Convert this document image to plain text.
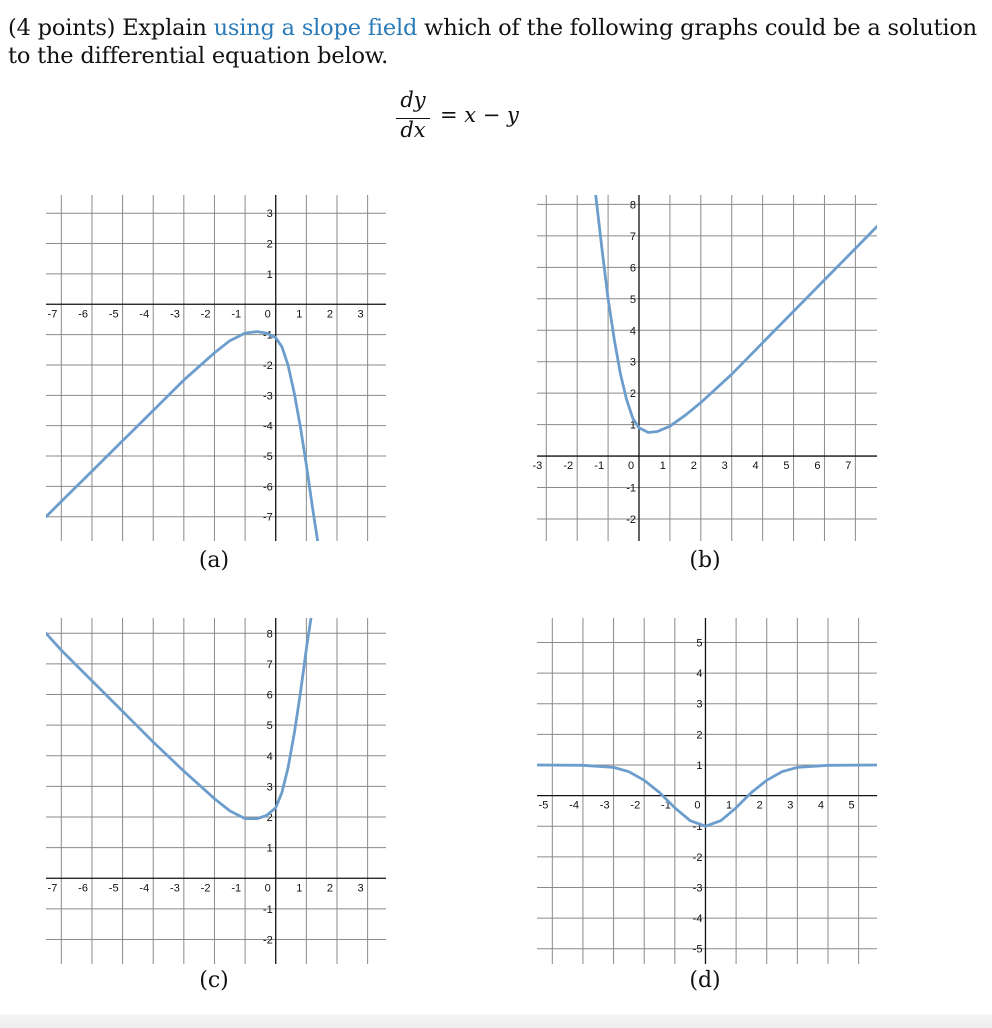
(4 points) Explain using a slope field which of the following graphs could be a solution to the differential equation below.
dy
dx
= x − y
-7 -6 -5 -4 -3 -2 -1 0 1 2 3
3
2
1
-1
-2
-3
-4
-5
-6
-7
(a)
-3 -2 -1 0 1 2 3 4 5 6 7
8
7
6
5
4
3
2
1
-1
-2
(b)
-7 -6 -5 -4 -3 -2 -1 0 1 2 3
8
7
6
5
4
3
2
1
-1
-2
(c)
-5 -4 -3 -2 -1 0 1 2 3 4 5
5
4
3
2
1
-1
-2
-3
-4
-5
(d)
